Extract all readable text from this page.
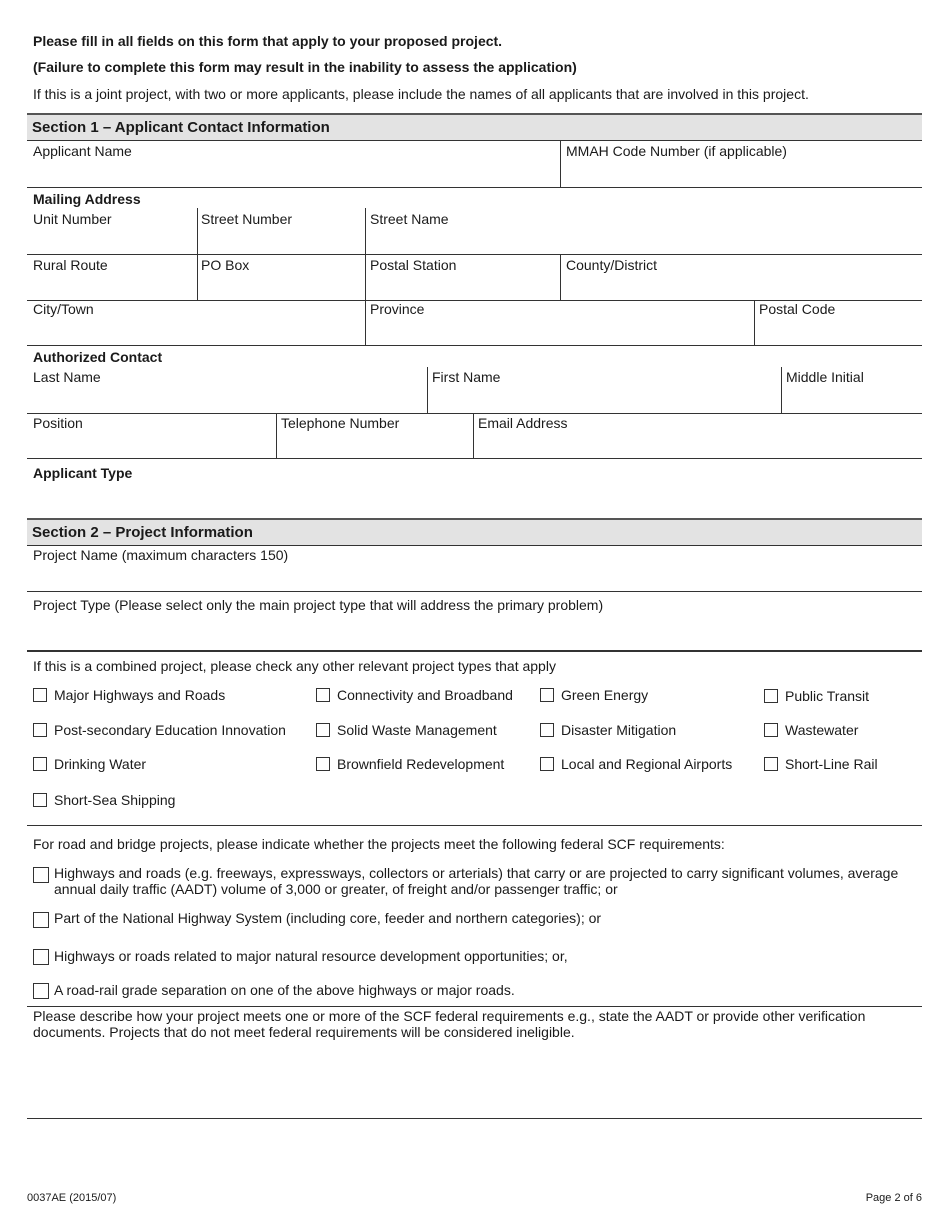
Please fill in all fields on this form that apply to your proposed project.
(Failure to complete this form may result in the inability to assess the application)
If this is a joint project, with two or more applicants, please include the names of all applicants that are involved in this project.
Section 1 – Applicant Contact Information
Applicant Name	MMAH Code Number (if applicable)
Mailing Address
Unit Number	Street Number	Street Name
Rural Route	PO Box	Postal Station	County/District
City/Town	Province	Postal Code
Authorized Contact
Last Name	First Name	Middle Initial
Position	Telephone Number	Email Address
Applicant Type
Section 2 – Project Information
Project Name (maximum characters 150)
Project Type (Please select only the main project type that will address the primary problem)
If this is a combined project, please check any other relevant project types that apply
Major Highways and Roads	Connectivity and Broadband	Green Energy	Public Transit
Post-secondary Education Innovation	Solid Waste Management	Disaster Mitigation	Wastewater
Drinking Water	Brownfield Redevelopment	Local and Regional Airports	Short-Line Rail
Short-Sea Shipping
For road and bridge projects, please indicate whether the projects meet the following federal SCF requirements:
Highways and roads (e.g. freeways, expressways, collectors or arterials) that carry or are projected to carry significant volumes, average annual daily traffic (AADT) volume of 3,000 or greater, of freight and/or passenger traffic; or
Part of the National Highway System (including core, feeder and northern categories); or
Highways or roads related to major natural resource development opportunities; or,
A road-rail grade separation on one of the above highways or major roads.
Please describe how your project meets one or more of the SCF federal requirements e.g., state the AADT or provide other verification documents. Projects that do not meet federal requirements will be considered ineligible.
0037AE (2015/07)	Page 2 of 6
